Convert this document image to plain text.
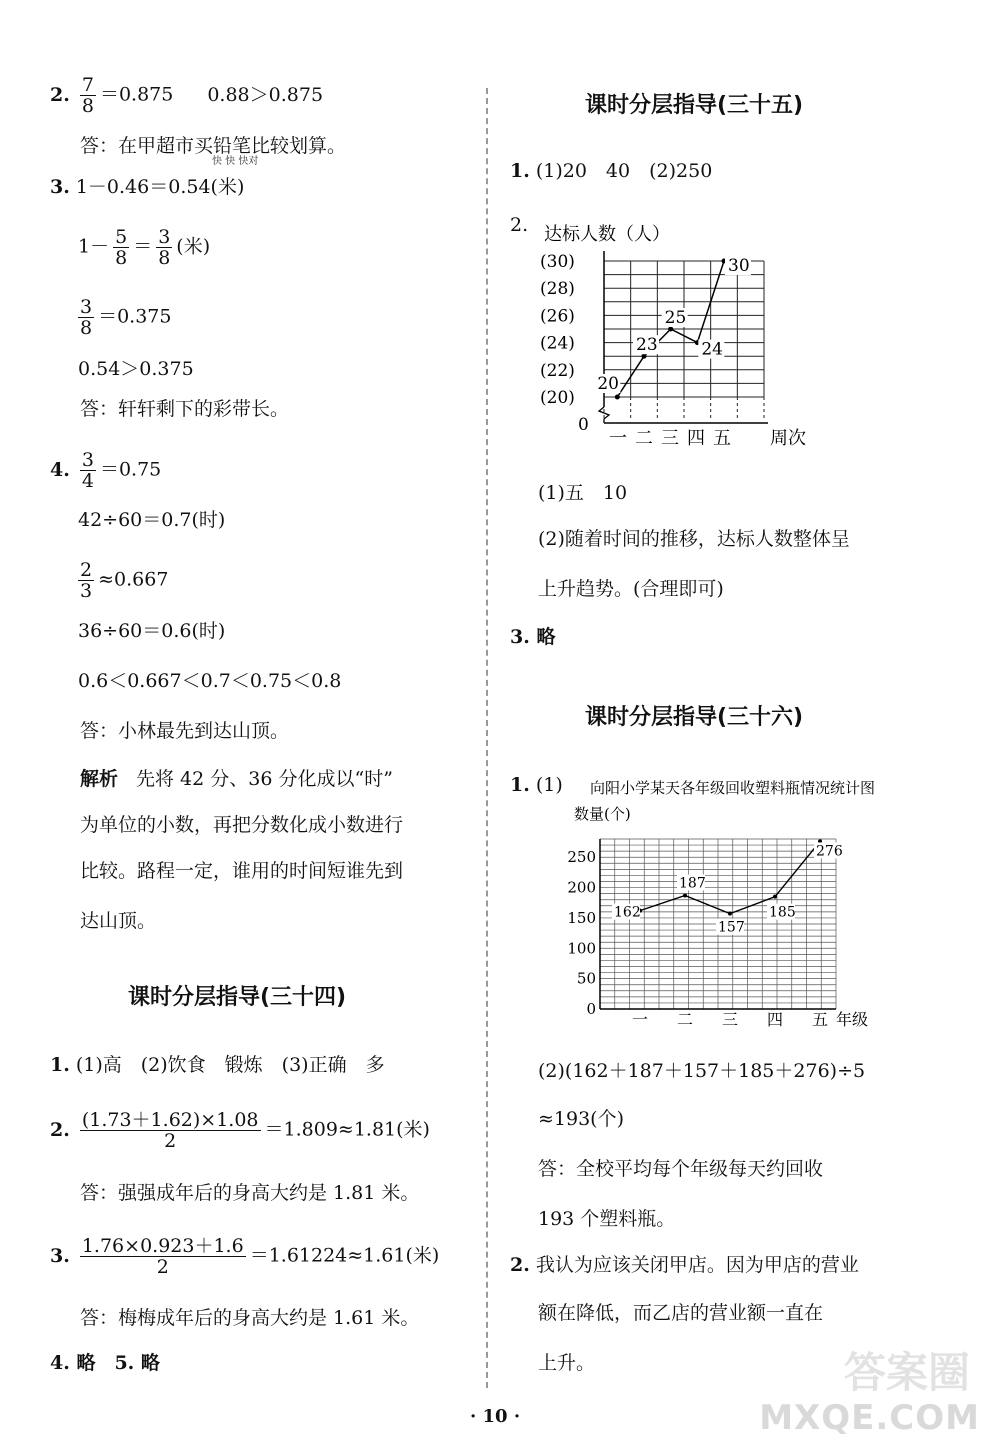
2. $\frac{7}{8} =0.875$ 0.88＞0.875
答：在甲超市买铅笔比较划算。
快 快 快对
3. 1－0.46＝0.54(米)
$1- \frac{5}{8} = \frac{3}{8}$ (米)
$\frac{3}{8} =0.375$
0.54＞0.375
答：轩轩剩下的彩带长。
4. $\frac{3}{4} =0.75$
42÷60＝0.7(时)
$\frac{2}{3} \approx 0.667$
36÷60＝0.6(时)
0.6＜0.667＜0.7＜0.75＜0.8
答：小林最先到达山顶。
解析 先将 42 分、36 分化成以“时”
为单位的小数，再把分数化成小数进行
比较。路程一定，谁用的时间短谁先到
达山顶。
课时分层指导(三十四)
1. (1)高　(2)饮食　锻炼　(3)正确　多
2. $\frac{(1.73+1.62)\times 1.08}{2} =1.809\approx 1.81$(米)
答：强强成年后的身高大约是 1.81 米。
3. $\frac{1.76\times 0.923+1.6}{2} =1.61224\approx 1.61$(米)
答：梅梅成年后的身高大约是 1.61 米。
4. 略　5. 略
课时分层指导(三十五)
1. (1)20　40　(2)250
2. 达标人数（人）
(20)
(22)
(24)
(26)
(28)
(30)
一 二 三 四 五
0
周次
20
23
25
24
30
(1)五　10
(2)随着时间的推移，达标人数整体呈
上升趋势。(合理即可)
3. 略
课时分层指导(三十六)
1. (1) 向阳小学某天各年级回收塑料瓶情况统计图
数量(个)
0
50
100
150
200
250
一 二 三 四 五 年级
162
187
157
185
276
(2)(162＋187＋157＋185＋276)÷5
≈193(个)
答：全校平均每个年级每天约回收
193 个塑料瓶。
2. 我认为应该关闭甲店。因为甲店的营业
额在降低，而乙店的营业额一直在
上升。
· 10 ·
答案圈
MXQE.COM
